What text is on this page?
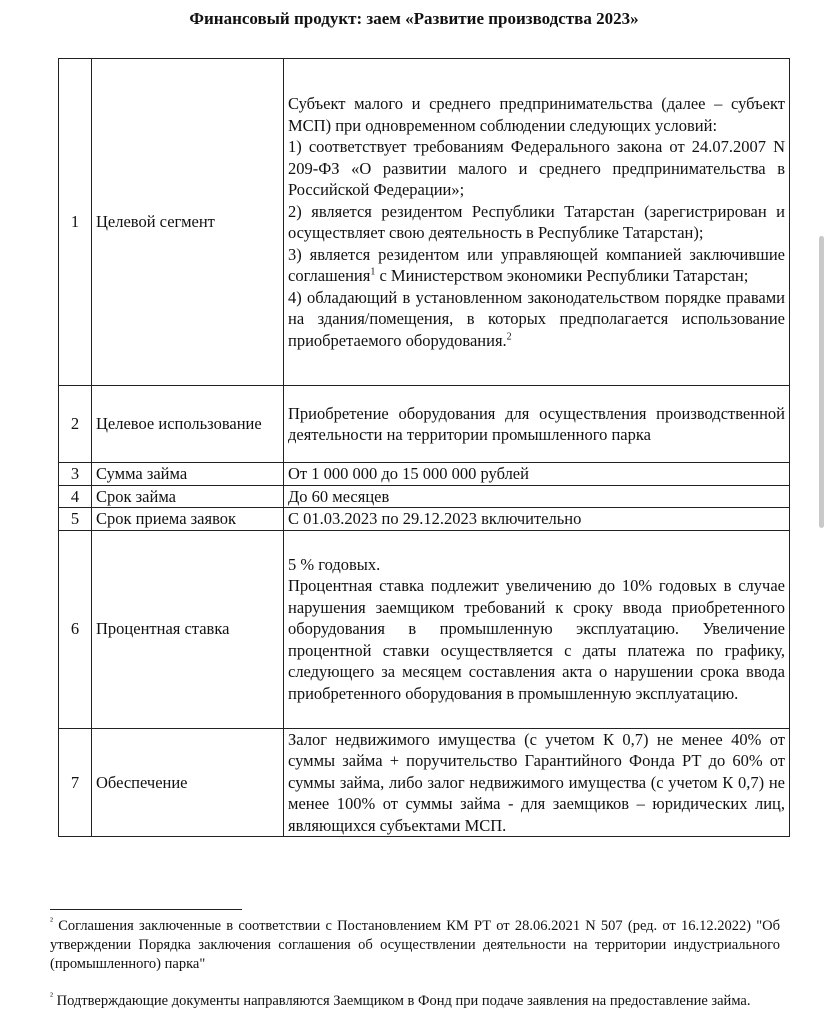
Финансовый продукт: заем «Развитие производства 2023»
1	Целевой сегмент	Субъект малого и среднего предпринимательства (далее – субъект МСП) при одновременном соблюдении следующих условий:
1) соответствует требованиям Федерального закона от 24.07.2007 N 209-ФЗ «О развитии малого и среднего предпринимательства в Российской Федерации»;
2) является резидентом Республики Татарстан (зарегистрирован и осуществляет свою деятельность в Республике Татарстан);
3) является резидентом или управляющей компанией заключившие соглашения$^1$ с Министерством экономики Республики Татарстан;
4) обладающий в установленном законодательством порядке правами на здания/помещения, в которых предполагается использование приобретаемого оборудования.$^2$

2	Целевое использование	Приобретение оборудования для осуществления производственной деятельности на территории промышленного парка
3	Сумма займа	От 1 000 000 до 15 000 000 рублей
4	Срок займа	До 60 месяцев
5	Срок приема заявок	С 01.03.2023 по 29.12.2023 включительно
6	Процентная ставка	5 % годовых.
Процентная ставка подлежит увеличению до 10% годовых в случае нарушения заемщиком требований к сроку ввода приобретенного оборудования в промышленную эксплуатацию. Увеличение процентной ставки осуществляется с даты платежа по графику, следующего за месяцем составления акта о нарушении срока ввода приобретенного оборудования в промышленную эксплуатацию.

7	Обеспечение	Залог недвижимого имущества (с учетом К 0,7) не менее 40% от суммы займа + поручительство Гарантийного Фонда РТ до 60% от суммы займа, либо залог недвижимого имущества (с учетом К 0,7) не менее 100% от суммы займа - для заемщиков – юридических лиц, являющихся субъектами МСП.
$^{^2}$ Соглашения заключенные в соответствии с Постановлением КМ РТ от 28.06.2021 N 507 (ред. от 16.12.2022) "Об утверждении Порядка заключения соглашения об осуществлении деятельности на территории индустриального (промышленного) парка"
$^{^2}$ Подтверждающие документы направляются Заемщиком в Фонд при подаче заявления на предоставление займа.
